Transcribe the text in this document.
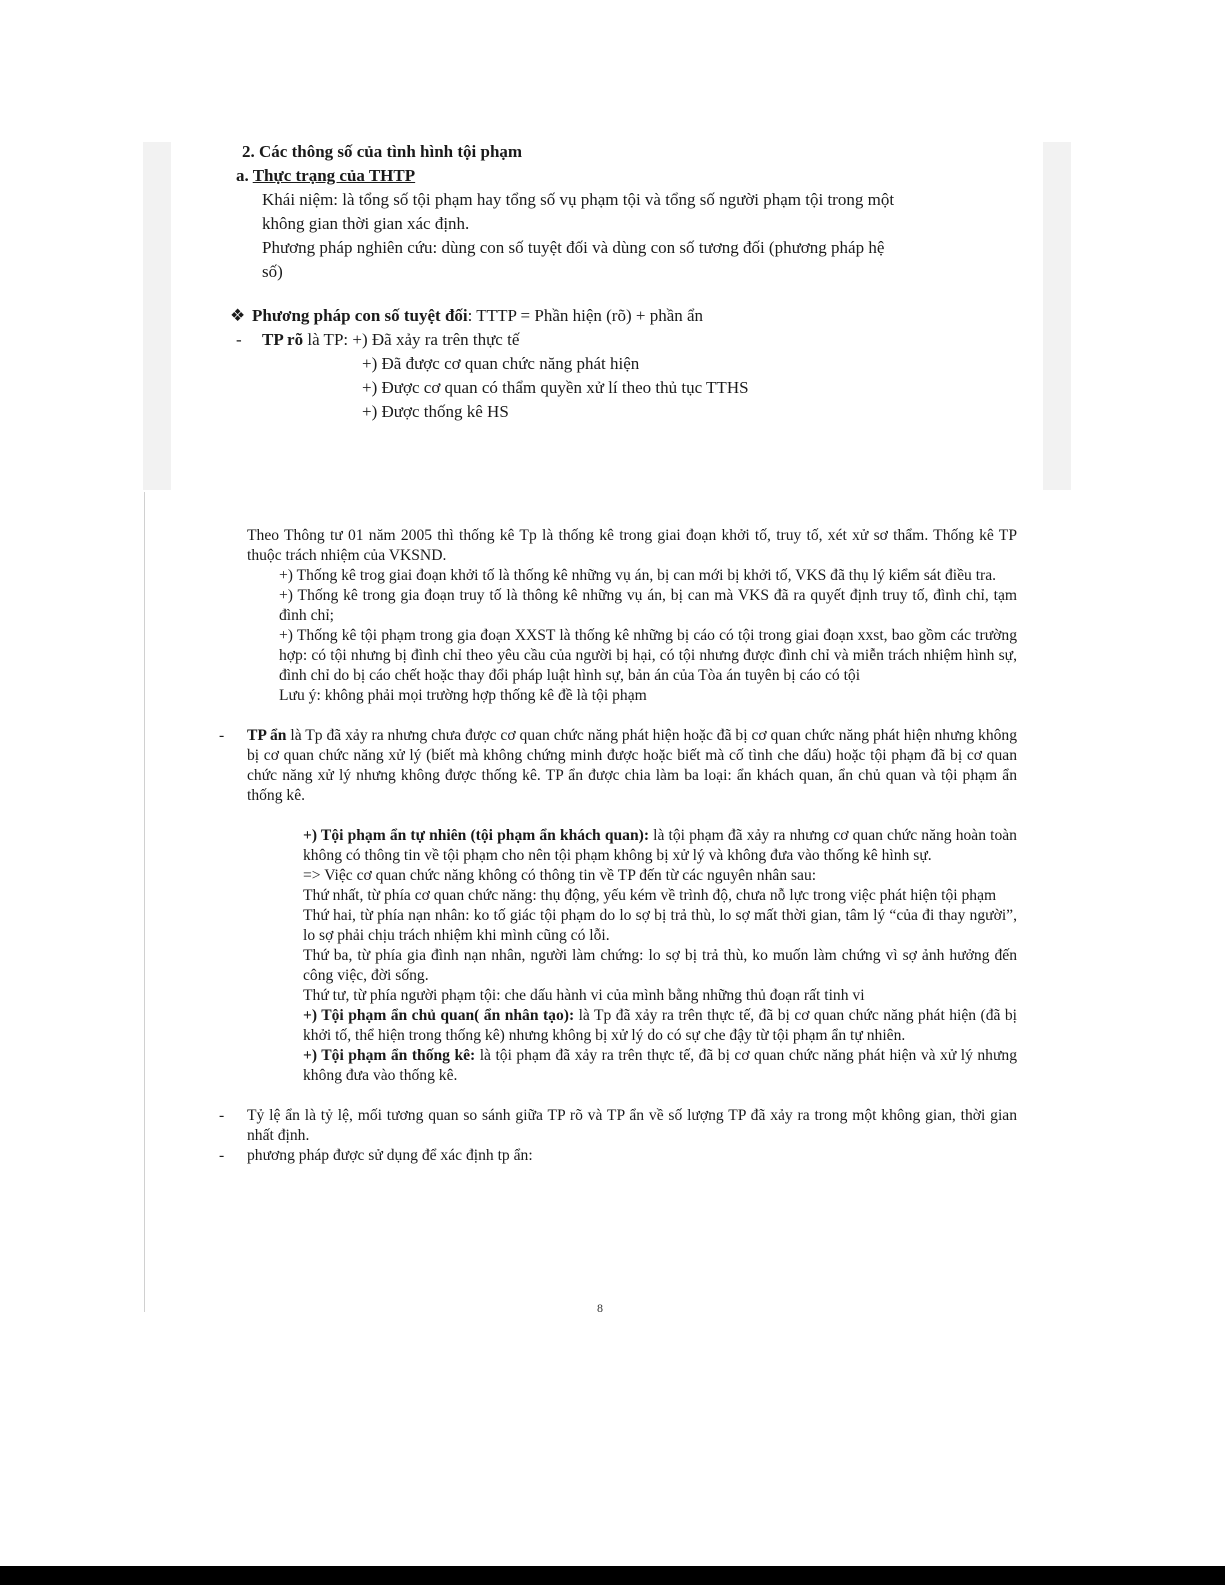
2. Các thông số của tình hình tội phạm
a. Thực trạng của THTP
Khái niệm: là tổng số tội phạm hay tổng số vụ phạm tội và tổng số người phạm tội trong một
không gian thời gian xác định.
Phương pháp nghiên cứu: dùng con số tuyệt đối và dùng con số tương đối (phương pháp hệ
số)
❖ Phương pháp con số tuyệt đối: TTTP = Phần hiện (rõ) + phần ẩn
- TP rõ là TP: +) Đã xảy ra trên thực tế
+) Đã được cơ quan chức năng phát hiện
+) Được cơ quan có thẩm quyền xử lí theo thủ tục TTHS
+) Được thống kê HS

Theo Thông tư 01 năm 2005 thì thống kê Tp là thống kê trong giai đoạn khởi tố, truy tố, xét xử sơ thẩm. Thống kê TP thuộc trách nhiệm của VKSND.

+) Thống kê trog giai đoạn khởi tố là thống kê những vụ án, bị can mới bị khởi tố, VKS đã thụ lý kiểm sát điều tra.

+) Thống kê trong gia đoạn truy tố là thông kê những vụ án, bị can mà VKS đã ra quyết định truy tố, đình chỉ, tạm đình chỉ;

+) Thống kê tội phạm trong gia đoạn XXST là thống kê những bị cáo có tội trong giai đoạn xxst, bao gồm các trường hợp: có tội nhưng bị đình chỉ theo yêu cầu của người bị hại, có tội nhưng được đình chỉ và miễn trách nhiệm hình sự, đình chỉ do bị cáo chết hoặc thay đổi pháp luật hình sự, bản án của Tòa án tuyên bị cáo có tội

Lưu ý: không phải mọi trường hợp thống kê đề là tội phạm

- TP ẩn là Tp đã xảy ra nhưng chưa được cơ quan chức năng phát hiện hoặc đã bị cơ quan chức năng phát hiện nhưng không bị cơ quan chức năng xử lý (biết mà không chứng minh được hoặc biết mà cố tình che dấu) hoặc tội phạm đã bị cơ quan chức năng xử lý nhưng không được thống kê. TP ẩn được chia làm ba loại: ẩn khách quan, ẩn chủ quan và tội phạm ẩn thống kê.

+) Tội phạm ẩn tự nhiên (tội phạm ẩn khách quan): là tội phạm đã xảy ra nhưng cơ quan chức năng hoàn toàn không có thông tin về tội phạm cho nên tội phạm không bị xử lý và không đưa vào thống kê hình sự.

=> Việc cơ quan chức năng không có thông tin về TP đến từ các nguyên nhân sau:

Thứ nhất, từ phía cơ quan chức năng: thụ động, yếu kém về trình độ, chưa nỗ lực trong việc phát hiện tội phạm

Thứ hai, từ phía nạn nhân: ko tố giác tội phạm do lo sợ bị trả thù, lo sợ mất thời gian, tâm lý “của đi thay người”, lo sợ phải chịu trách nhiệm khi mình cũng có lỗi.

Thứ ba, từ phía gia đình nạn nhân, người làm chứng: lo sợ bị trả thù, ko muốn làm chứng vì sợ ảnh hưởng đến công việc, đời sống.

Thứ tư, từ phía người phạm tội: che dấu hành vi của mình bằng những thủ đoạn rất tinh vi

+) Tội phạm ẩn chủ quan( ẩn nhân tạo): là Tp đã xảy ra trên thực tế, đã bị cơ quan chức năng phát hiện (đã bị khởi tố, thể hiện trong thống kê) nhưng không bị xử lý do có sự che đậy từ tội phạm ẩn tự nhiên.

+) Tội phạm ẩn thống kê: là tội phạm đã xảy ra trên thực tế, đã bị cơ quan chức năng phát hiện và xử lý nhưng không đưa vào thống kê.

- Tỷ lệ ẩn là tỷ lệ, mối tương quan so sánh giữa TP rõ và TP ẩn về số lượng TP đã xảy ra trong một không gian, thời gian nhất định.

- phương pháp được sử dụng để xác định tp ẩn:

8
